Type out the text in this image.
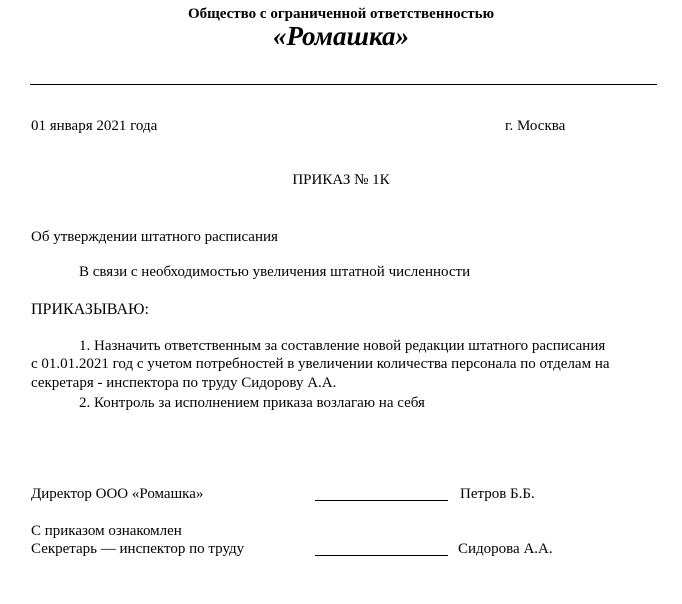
Общество с ограниченной ответственностью
«Ромашка»
01 января 2021 года	г. Москва
ПРИКАЗ № 1К
Об утверждении штатного расписания
В связи с необходимостью увеличения штатной численности
ПРИКАЗЫВАЮ:
1. Назначить ответственным за составление новой редакции штатного расписания
с 01.01.2021 год с учетом потребностей в увеличении количества персонала по отделам на
секретаря - инспектора по труду Сидорову А.А.
2. Контроль за исполнением приказа возлагаю на себя
Директор ООО «Ромашка»	Петров Б.Б.
С приказом ознакомлен
Секретарь — инспектор по труду	Сидорова А.А.
